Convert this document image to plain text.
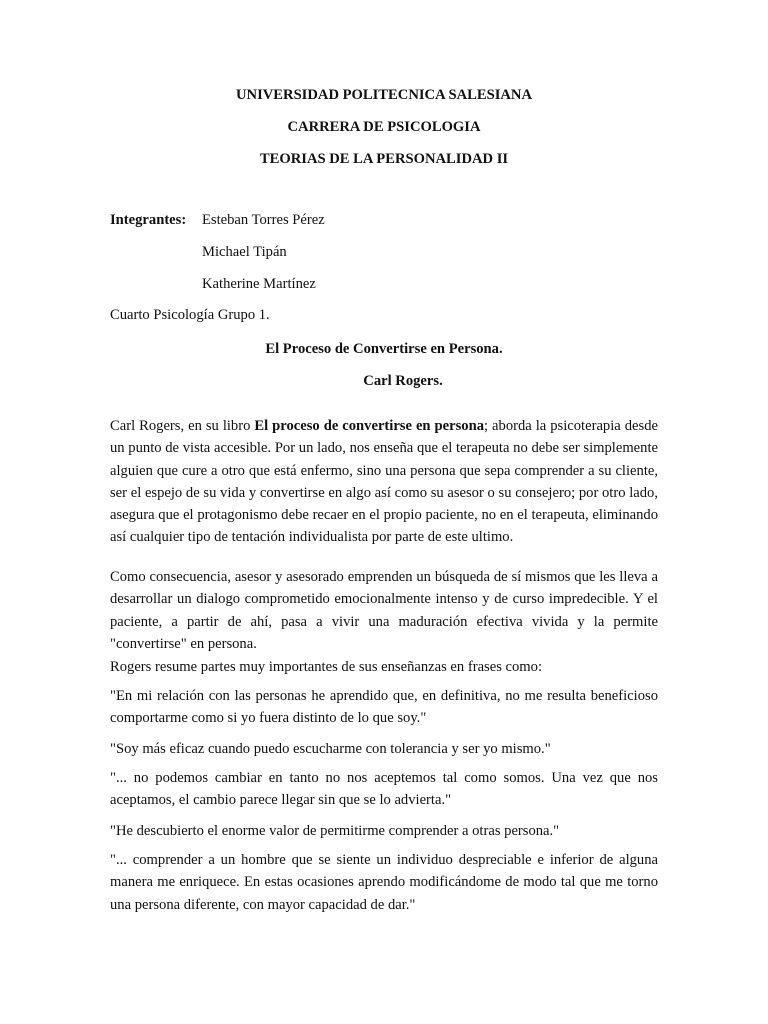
UNIVERSIDAD POLITECNICA SALESIANA

CARRERA DE PSICOLOGIA

TEORIAS DE LA PERSONALIDAD II

Integrantes: Esteban Torres Pérez

Michael Tipán

Katherine Martínez

Cuarto Psicología Grupo 1.

El Proceso de Convertirse en Persona.

Carl Rogers.

Carl Rogers, en su libro El proceso de convertirse en persona; aborda la psicoterapia desde un punto de vista accesible. Por un lado, nos enseña que el terapeuta no debe ser simplemente alguien que cure a otro que está enfermo, sino una persona que sepa comprender a su cliente, ser el espejo de su vida y convertirse en algo así como su asesor o su consejero; por otro lado, asegura que el protagonismo debe recaer en el propio paciente, no en el terapeuta, eliminando así cualquier tipo de tentación individualista por parte de este ultimo.

Como consecuencia, asesor y asesorado emprenden un búsqueda de sí mismos que les lleva a desarrollar un dialogo comprometido emocionalmente intenso y de curso impredecible. Y el paciente, a partir de ahí, pasa a vivir una maduración efectiva vivida y la permite "convertirse" en persona.

Rogers resume partes muy importantes de sus enseñanzas en frases como:

"En mi relación con las personas he aprendido que, en definitiva, no me resulta beneficioso comportarme como si yo fuera distinto de lo que soy."

"Soy más eficaz cuando puedo escucharme con tolerancia y ser yo mismo."

"... no podemos cambiar en tanto no nos aceptemos tal como somos. Una vez que nos aceptamos, el cambio parece llegar sin que se lo advierta."

"He descubierto el enorme valor de permitirme comprender a otras persona."

"... comprender a un hombre que se siente un individuo despreciable e inferior de alguna manera me enriquece. En estas ocasiones aprendo modificándome de modo tal que me torno una persona diferente, con mayor capacidad de dar."
